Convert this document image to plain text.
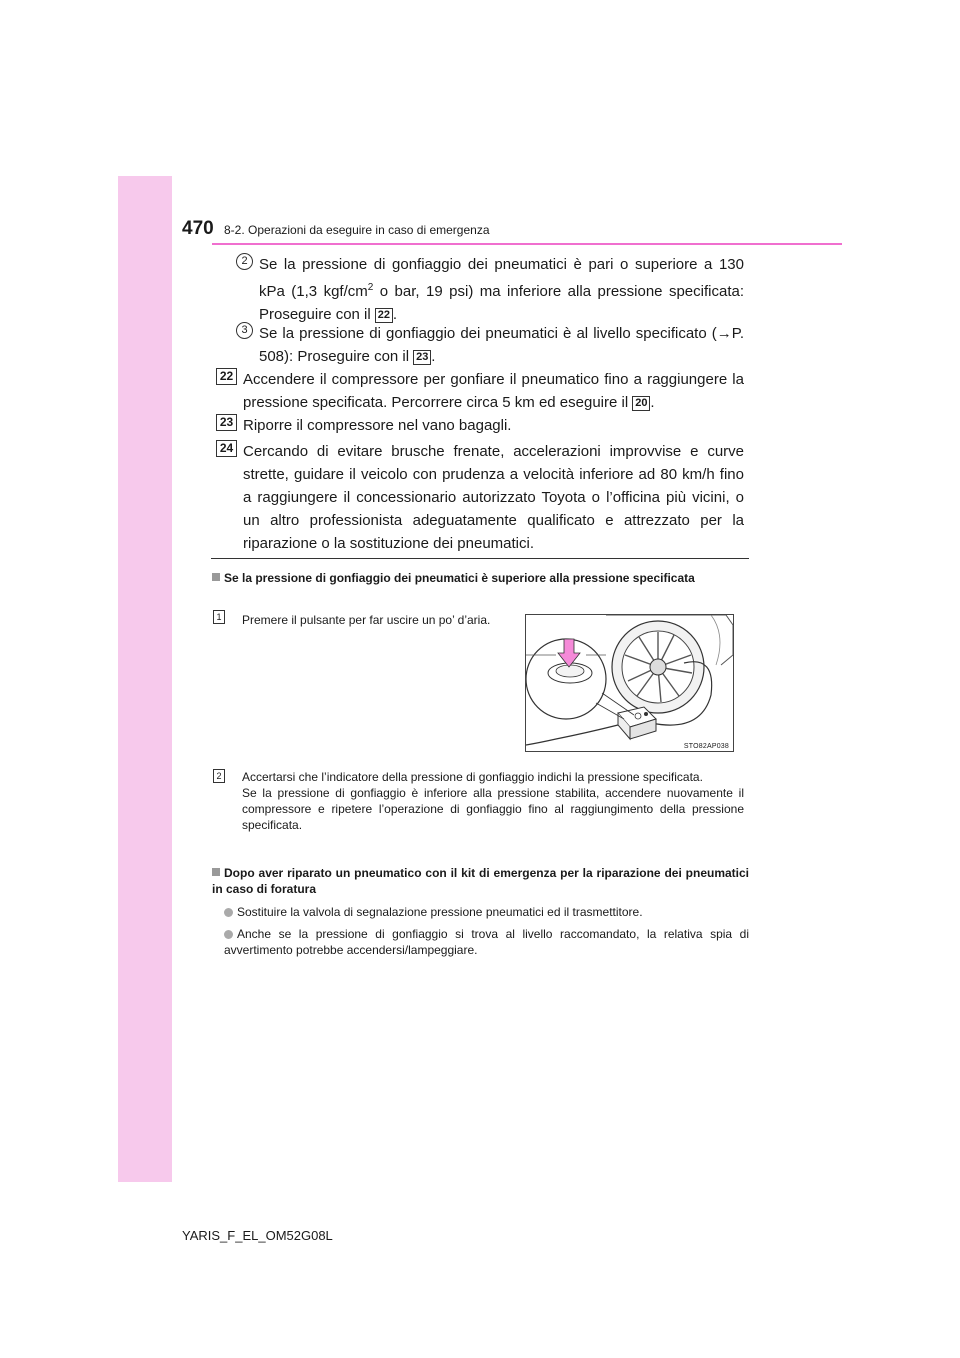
470 8-2. Operazioni da eseguire in caso di emergenza
2 Se la pressione di gonfiaggio dei pneumatici è pari o superiore a 130 kPa (1,3 kgf/$cm^2$ o bar, 19 psi) ma inferiore alla pressione specificata: Proseguire con il 22 .
3 Se la pressione di gonfiaggio dei pneumatici è al livello specificato (→P. 508): Proseguire con il 23 .
22 Accendere il compressore per gonfiare il pneumatico fino a raggiungere la pressione specificata. Percorrere circa 5 km ed eseguire il 20 .
23 Riporre il compressore nel vano bagagli.
24 Cercando di evitare brusche frenate, accelerazioni improvvise e curve strette, guidare il veicolo con prudenza a velocità inferiore ad 80 km/h fino a raggiungere il concessionario autorizzato Toyota o l’officina più vicini, o un altro professionista adeguatamente qualificato e attrezzato per la riparazione o la sostituzione dei pneumatici.
Se la pressione di gonfiaggio dei pneumatici è superiore alla pressione specificata
1 Premere il pulsante per far uscire un po’ d’aria.
STO82AP038
2 Accertarsi che l’indicatore della pressione di gonfiaggio indichi la pressione specificata.
Se la pressione di gonfiaggio è inferiore alla pressione stabilita, accendere nuovamente il compressore e ripetere l’operazione di gonfiaggio fino al raggiungimento della pressione specificata.
Dopo aver riparato un pneumatico con il kit di emergenza per la riparazione dei pneumatici in caso di foratura
Sostituire la valvola di segnalazione pressione pneumatici ed il trasmettitore.
Anche se la pressione di gonfiaggio si trova al livello raccomandato, la relativa spia di avvertimento potrebbe accendersi/lampeggiare.
YARIS_F_EL_OM52G08L
